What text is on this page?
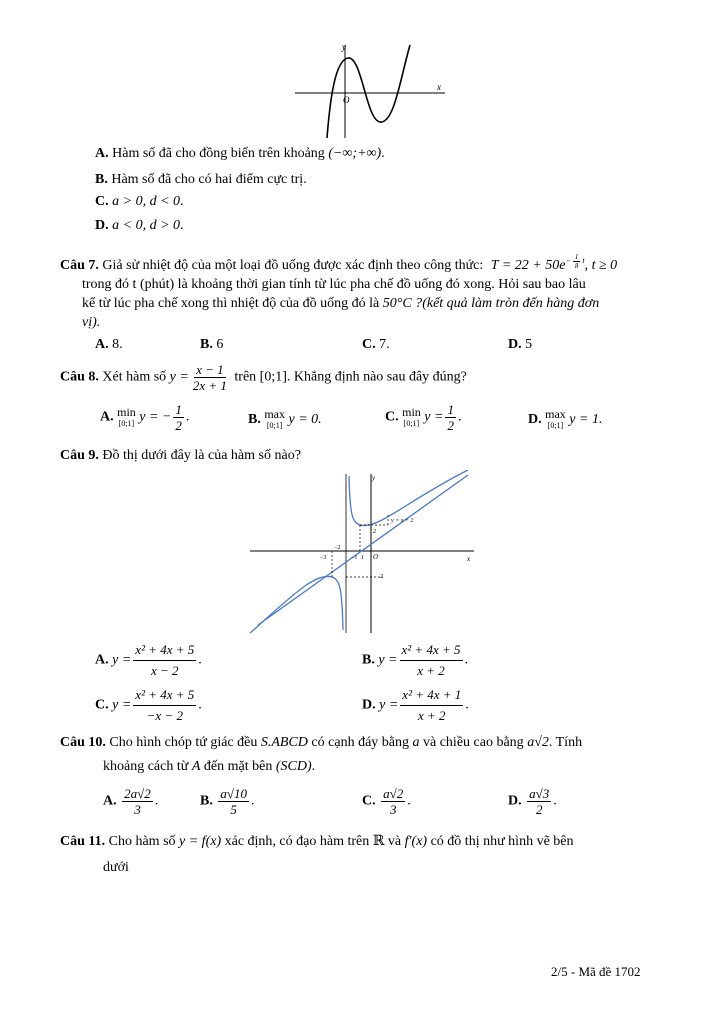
y
x
O
A. Hàm số đã cho đồng biến trên khoảng (−∞;+∞).
B. Hàm số đã cho có hai điểm cực trị.
C. a > 0, d < 0.
D. a < 0, d > 0.
Câu 7. Giả sử nhiệt độ của một loại đồ uống được xác định theo công thức: $T = 22 + 50e^{- \frac{1}{8} t}$, t ≥ 0
trong đó t (phút) là khoảng thời gian tính từ lúc pha chế đồ uống đó xong. Hỏi sau bao lâu
kể từ lúc pha chế xong thì nhiệt độ của đồ uống đó là 50°C ?(kết quả làm tròn đến hàng đơn
vị).
A. 8.	B. 6	C. 7.	D. 5
Câu 8. Xét hàm số $y = \frac{x - 1}{2x + 1}$ trên [0;1]. Khẳng định nào sau đây đúng?
A. min
[0;1] y = − $\frac{1}{2}$ .	B. max
[0;1] y = 0.	C. min
[0;1] $y = \frac{1}{2}$ .	D. max
[0;1] y = 1.
Câu 9. Đồ thị dưới đây là của hàm số nào?
y
x
y = x + 2
O
−2
−3	−1 1
2
2
A. $y = \frac{\text{x² + 4x + 5}}{x - 2}$ .	B. $y = \frac{\text{x² + 4x + 5}}{x + 2}$ .
C. $y = \frac{\text{x² + 4x + 5}}{-x - 2}$ .	D. $y = \frac{\text{x² + 4x + 1}}{x + 2}$ .
Câu 10. Cho hình chóp tứ giác đều S.ABCD có cạnh đáy bằng a và chiều cao bằng a√2. Tính
khoảng cách từ A đến mặt bên (SCD).
A. $\frac{2a√2}{3}$ .	B. $\frac{a√10}{5}$ .	C. $\frac{a√2}{3}$ .	D. $\frac{a√3}{2}$ .
Câu 11. Cho hàm số y = f(x) xác định, có đạo hàm trên ℝ và f′(x) có đồ thị như hình vẽ bên
dưới
2/5 - Mã đề 1702
